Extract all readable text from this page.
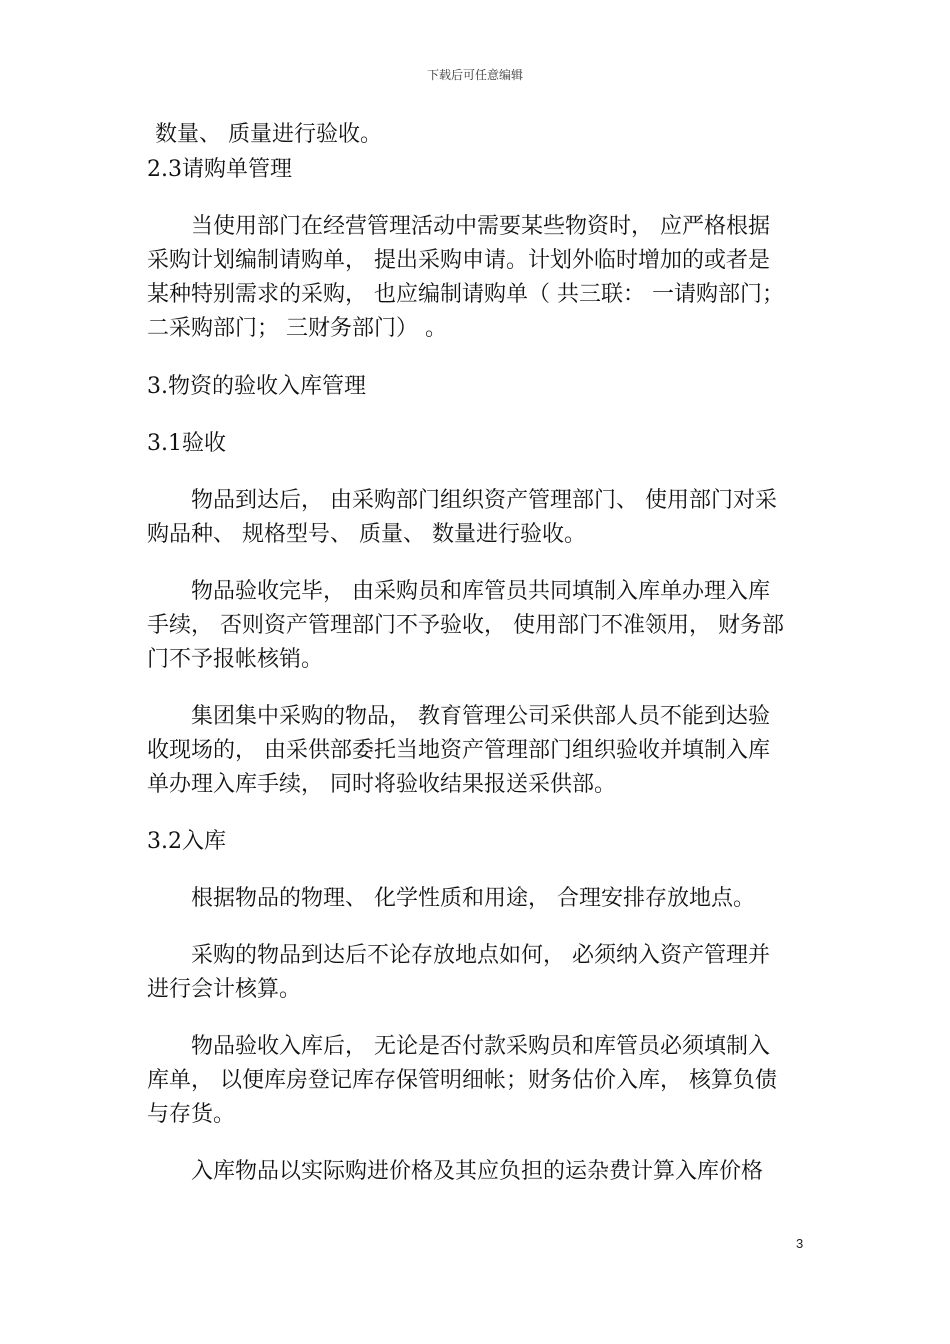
下载后可任意编辑

数量、 质量进行验收。

2.3请购单管理

当使用部门在经营管理活动中需要某些物资时， 应严格根据

采购计划编制请购单， 提出采购申请。计划外临时增加的或者是

某种特别需求的采购， 也应编制请购单（ 共三联： 一请购部门；

二采购部门； 三财务部门） 。

3.物资的验收入库管理
3.1验收

物品到达后， 由采购部门组织资产管理部门、 使用部门对采

购品种、 规格型号、 质量、 数量进行验收。

物品验收完毕， 由采购员和库管员共同填制入库单办理入库

手续， 否则资产管理部门不予验收， 使用部门不准领用， 财务部

门不予报帐核销。

集团集中采购的物品， 教育管理公司采供部人员不能到达验

收现场的， 由采供部委托当地资产管理部门组织验收并填制入库

单办理入库手续， 同时将验收结果报送采供部。

3.2入库

根据物品的物理、 化学性质和用途， 合理安排存放地点。

采购的物品到达后不论存放地点如何， 必须纳入资产管理并

进行会计核算。

物品验收入库后， 无论是否付款采购员和库管员必须填制入

库单， 以便库房登记库存保管明细帐；财务估价入库， 核算负债

与存货。

入库物品以实际购进价格及其应负担的运杂费计算入库价格

3
